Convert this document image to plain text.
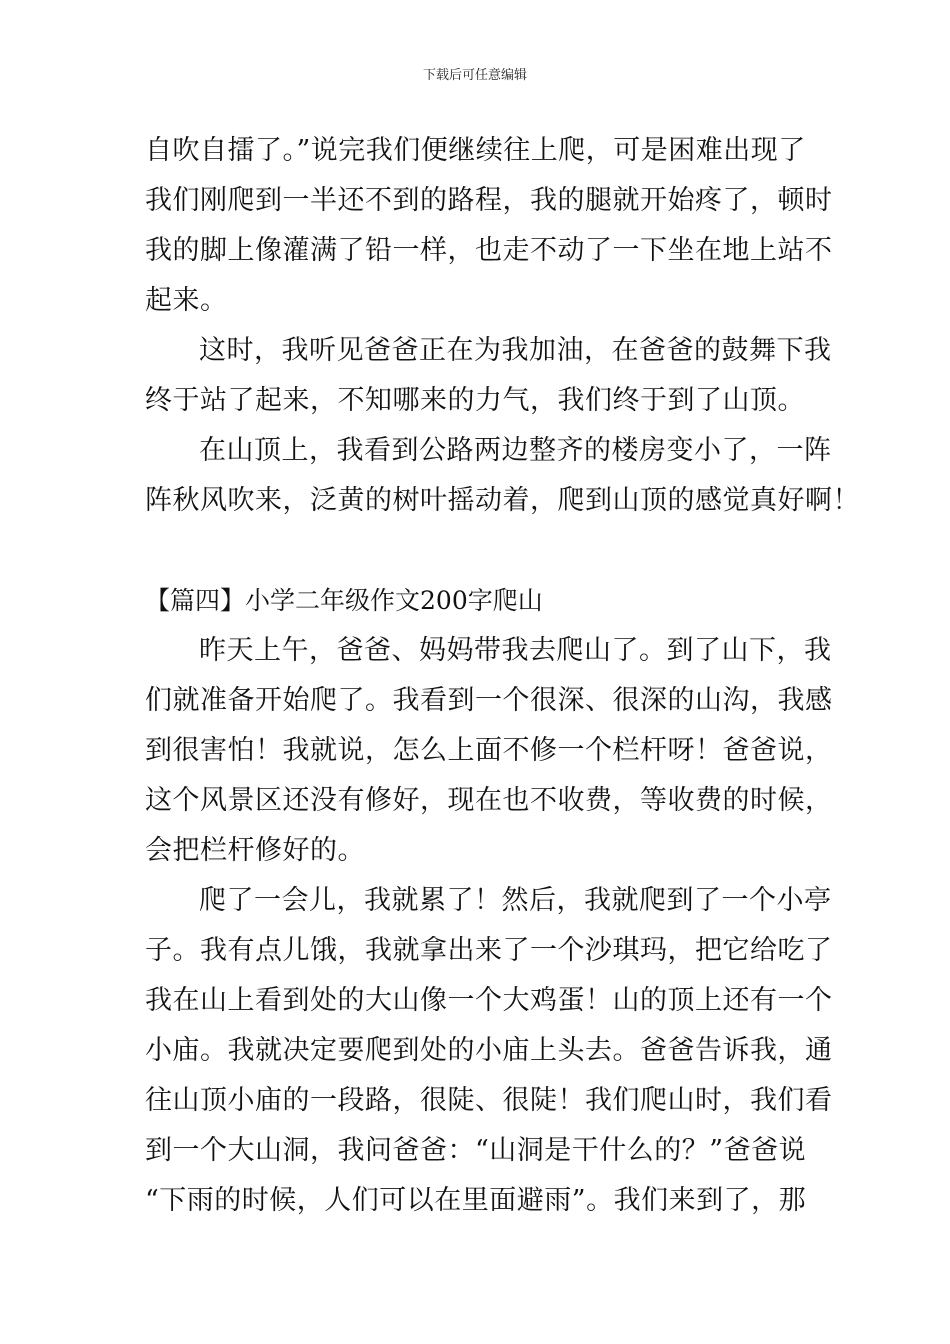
下载后可任意编辑
自吹自擂了。”说完我们便继续往上爬，可是困难出现了
我们刚爬到一半还不到的路程，我的腿就开始疼了，顿时
我的脚上像灌满了铅一样，也走不动了一下坐在地上站不
起来。
这时，我听见爸爸正在为我加油，在爸爸的鼓舞下我
终于站了起来，不知哪来的力气，我们终于到了山顶。
在山顶上，我看到公路两边整齐的楼房变小了，一阵
阵秋风吹来，泛黄的树叶摇动着，爬到山顶的感觉真好啊！
【篇四】小学二年级作文200字爬山
昨天上午，爸爸、妈妈带我去爬山了。到了山下，我
们就准备开始爬了。我看到一个很深、很深的山沟，我感
到很害怕！我就说，怎么上面不修一个栏杆呀！爸爸说，
这个风景区还没有修好，现在也不收费，等收费的时候，
会把栏杆修好的。
爬了一会儿，我就累了！然后，我就爬到了一个小亭
子。我有点儿饿，我就拿出来了一个沙琪玛，把它给吃了
我在山上看到处的大山像一个大鸡蛋！山的顶上还有一个
小庙。我就决定要爬到处的小庙上头去。爸爸告诉我，通
往山顶小庙的一段路，很陡、很陡！我们爬山时，我们看
到一个大山洞，我问爸爸：“山洞是干什么的？”爸爸说
“下雨的时候，人们可以在里面避雨”。我们来到了，那
